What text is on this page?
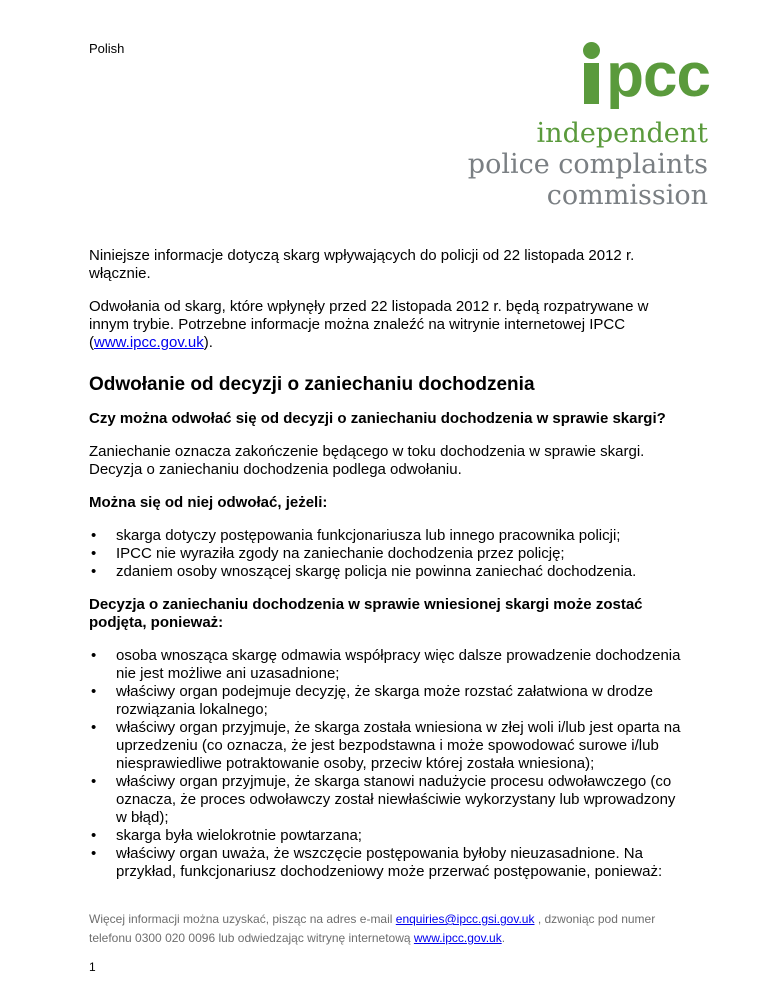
Polish	pcc
independent
police complaints
commission

Niniejsze informacje dotyczą skarg wpływających do policji od 22 listopada 2012 r. włącznie.

Odwołania od skarg, które wpłynęły przed 22 listopada 2012 r. będą rozpatrywane w innym trybie. Potrzebne informacje można znaleźć na witrynie internetowej IPCC (www.ipcc.gov.uk).

Odwołanie od decyzji o zaniechaniu dochodzenia

Czy można odwołać się od decyzji o zaniechaniu dochodzenia w sprawie skargi?

Zaniechanie oznacza zakończenie będącego w toku dochodzenia w sprawie skargi. Decyzja o zaniechaniu dochodzenia podlega odwołaniu.

Można się od niej odwołać, jeżeli:

• skarga dotyczy postępowania funkcjonariusza lub innego pracownika policji;
• IPCC nie wyraziła zgody na zaniechanie dochodzenia przez policję;
• zdaniem osoby wnoszącej skargę policja nie powinna zaniechać dochodzenia.

Decyzja o zaniechaniu dochodzenia w sprawie wniesionej skargi może zostać podjęta, ponieważ:

• osoba wnosząca skargę odmawia współpracy więc dalsze prowadzenie dochodzenia nie jest możliwe ani uzasadnione;
• właściwy organ podejmuje decyzję, że skarga może rozstać załatwiona w drodze rozwiązania lokalnego;
• właściwy organ przyjmuje, że skarga została wniesiona w złej woli i/lub jest oparta na uprzedzeniu (co oznacza, że jest bezpodstawna i może spowodować surowe i/lub niesprawiedliwe potraktowanie osoby, przeciw której została wniesiona);
• właściwy organ przyjmuje, że skarga stanowi nadużycie procesu odwoławczego (co oznacza, że proces odwoławczy został niewłaściwie wykorzystany lub wprowadzony w błąd);
• skarga była wielokrotnie powtarzana;
• właściwy organ uważa, że wszczęcie postępowania byłoby nieuzasadnione. Na przykład, funkcjonariusz dochodzeniowy może przerwać postępowanie, ponieważ:
Więcej informacji można uzyskać, pisząc na adres e-mail enquiries@ipcc.gsi.gov.uk , dzwoniąc pod numer telefonu 0300 020 0096 lub odwiedzając witrynę internetową www.ipcc.gov.uk.
1
